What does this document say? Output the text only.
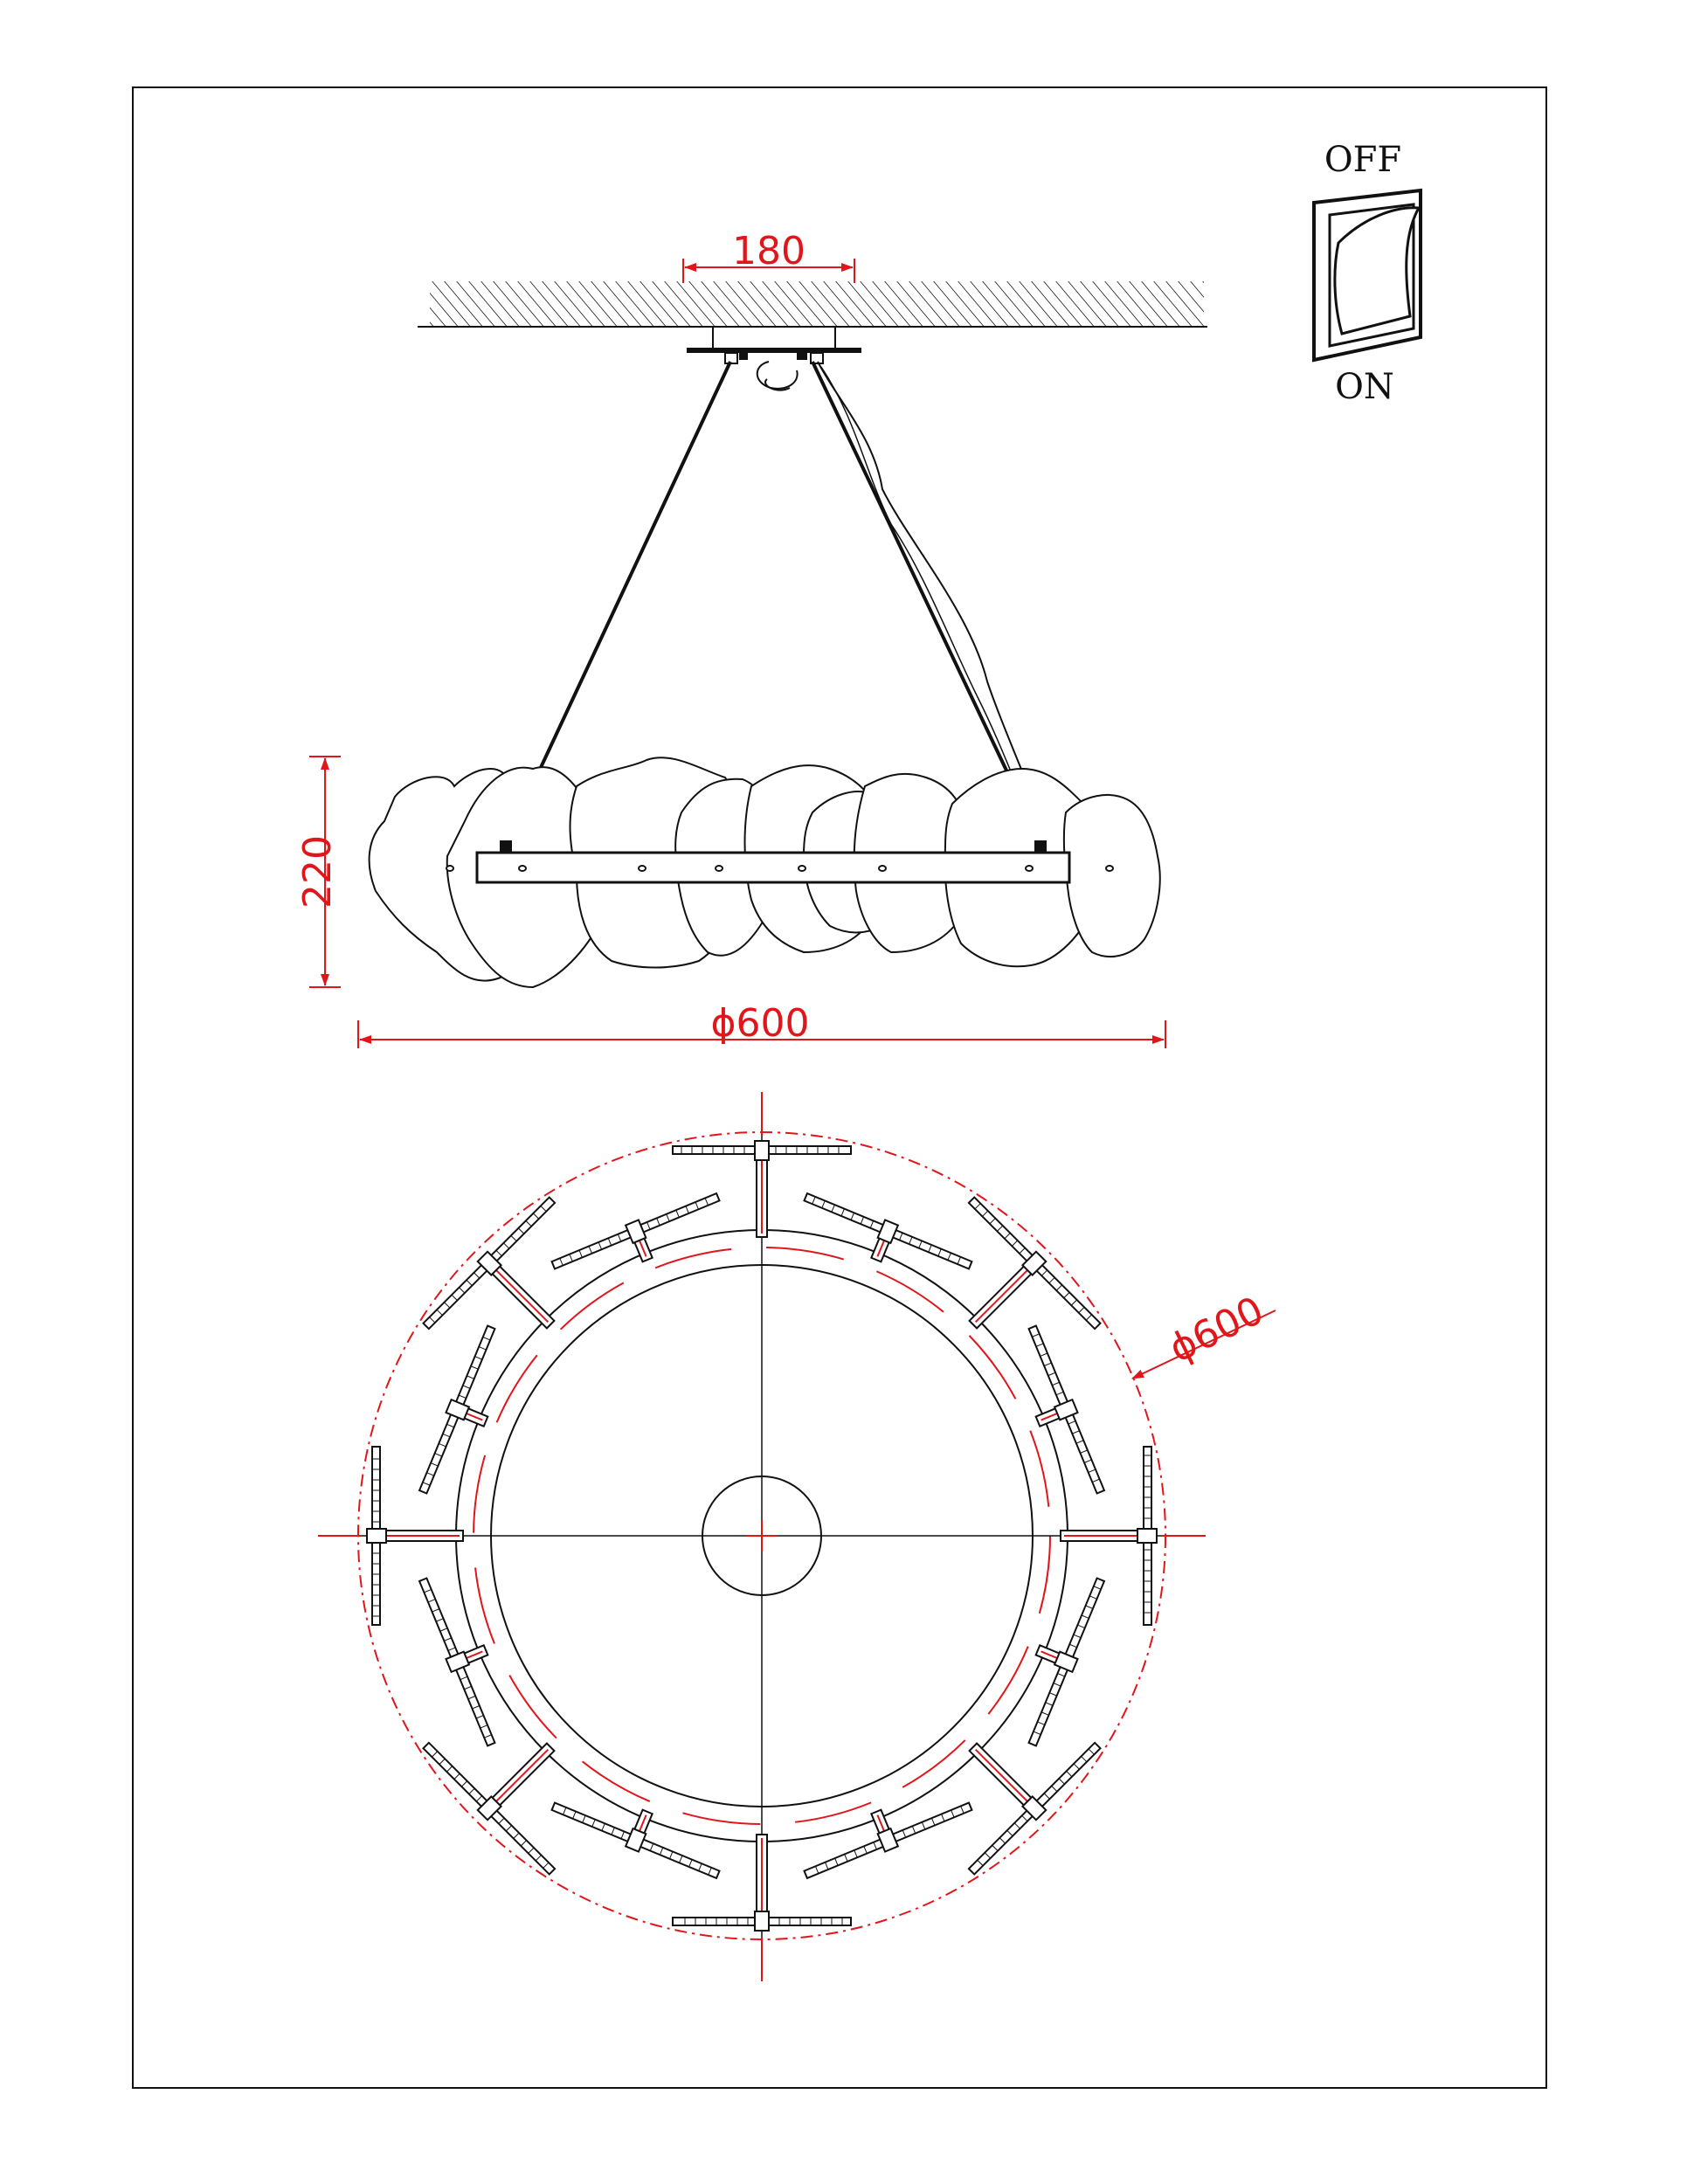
OFF
ON
180
220
ϕ600
ϕ600
